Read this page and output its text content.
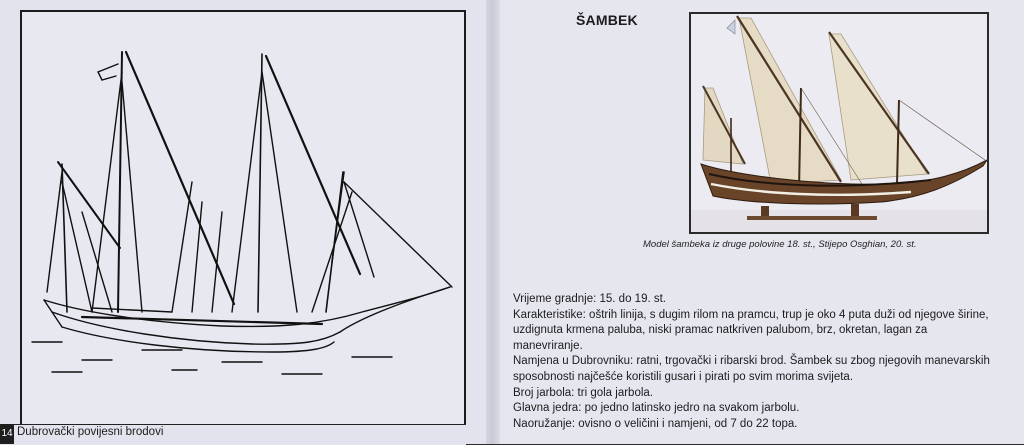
14 Dubrovački povijesni brodovi
ŠAMBEK
Model šambeka iz druge polovine 18. st., Stijepo Osghian, 20. st.
Vrijeme gradnje: 15. do 19. st.
Karakteristike: oštrih linija, s dugim rilom na pramcu, trup je oko 4 puta duži od njegove širine, uzdignuta krmena paluba, niski pramac natkriven palubom, brz, okretan, lagan za manevriranje.
Namjena u Dubrovniku: ratni, trgovački i ribarski brod. Šambek su zbog njegovih manevarskih sposobnosti najčešće koristili gusari i pirati po svim morima svijeta.
Broj jarbola: tri gola jarbola.
Glavna jedra: po jedno latinsko jedro na svakom jarbolu.
Naoružanje: ovisno o veličini i namjeni, od 7 do 22 topa.
